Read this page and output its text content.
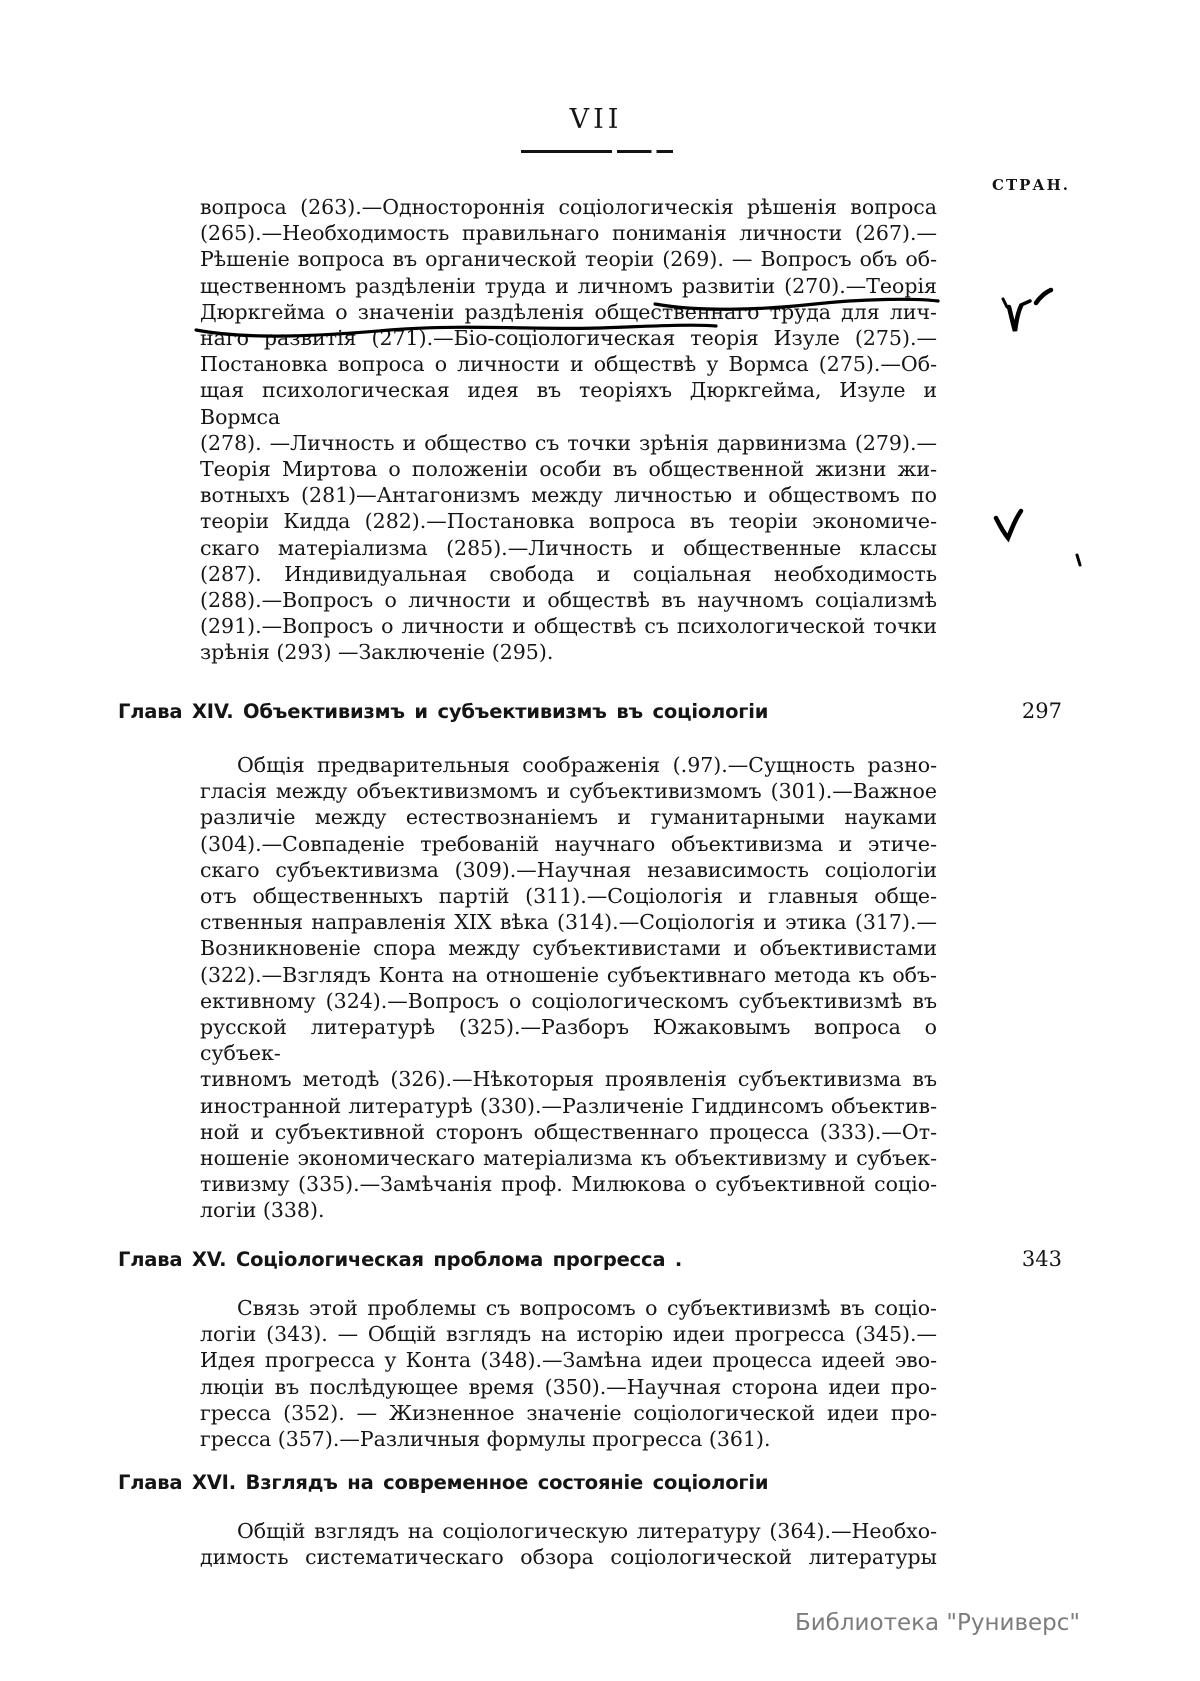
VII
СТРАН.
вопроса (263).—Одностороннія соціологическія рѣшенія вопроса
(265).—Необходимость правильнаго пониманія личности (267).—
Рѣшеніе вопроса въ органической теоріи (269). — Вопросъ объ об-
щественномъ раздѣленіи труда и личномъ развитіи (270).—Теорія
Дюркгейма о значеніи раздѣленія общественнаго труда для лич-
наго развитія (271).—Біо-соціологическая теорія Изуле (275).—
Постановка вопроса о личности и обществѣ у Вормса (275).—Об-
щая психологическая идея въ теоріяхъ Дюркгейма, Изуле и Вормса
(278). —Личность и общество съ точки зрѣнія дарвинизма (279).—
Теорія Миртова о положеніи особи въ общественной жизни жи-
вотныхъ (281)—Антагонизмъ между личностью и обществомъ по
теоріи Кидда (282).—Постановка вопроса въ теоріи экономиче-
скаго матеріализма (285).—Личность и общественные классы
(287). Индивидуальная свобода и соціальная необходимость
(288).—Вопросъ о личности и обществѣ въ научномъ соціализмѣ
(291).—Вопросъ о личности и обществѣ съ психологической точки
зрѣнія (293) —Заключеніе (295).
Глава XIV. Объективизмъ и субъективизмъ въ соціологіи	297
Общія предварительныя соображенія (.97).—Сущность разно-
гласія между объективизмомъ и субъективизмомъ (301).—Важное
различіе между естествознаніемъ и гуманитарными науками
(304).—Совпаденіе требованій научнаго объективизма и этиче-
скаго субъективизма (309).—Научная независимость соціологіи
отъ общественныхъ партій (311).—Соціологія и главныя обще-
ственныя направленія XIX вѣка (314).—Соціологія и этика (317).—
Возникновеніе спора между субъективистами и объективистами
(322).—Взглядъ Конта на отношеніе субъективнаго метода къ объ-
ективному (324).—Вопросъ о соціологическомъ субъективизмѣ въ
русской литературѣ (325).—Разборъ Южаковымъ вопроса о субъек-
тивномъ методѣ (326).—Нѣкоторыя проявленія субъективизма въ
иностранной литературѣ (330).—Различеніе Гиддинсомъ объектив-
ной и субъективной сторонъ общественнаго процесса (333).—От-
ношеніе экономическаго матеріализма къ объективизму и субъек-
тивизму (335).—Замѣчанія проф. Милюкова о субъективной соціо-
логіи (338).
Глава XV. Соціологическая проблома прогресса .	343
Связь этой проблемы съ вопросомъ о субъективизмѣ въ соціо-
логіи (343). — Общій взглядъ на исторію идеи прогресса (345).—
Идея прогресса у Конта (348).—Замѣна идеи процесса идеей эво-
люціи въ послѣдующее время (350).—Научная сторона идеи про-
гресса (352). — Жизненное значеніе соціологической идеи про-
гресса (357).—Различныя формулы прогресса (361).
Глава XVI. Взглядъ на современное состояніе соціологіи
Общій взглядъ на соціологическую литературу (364).—Необхо-
димость систематическаго обзора соціологической литературы
Библиотека "Руниверс"
